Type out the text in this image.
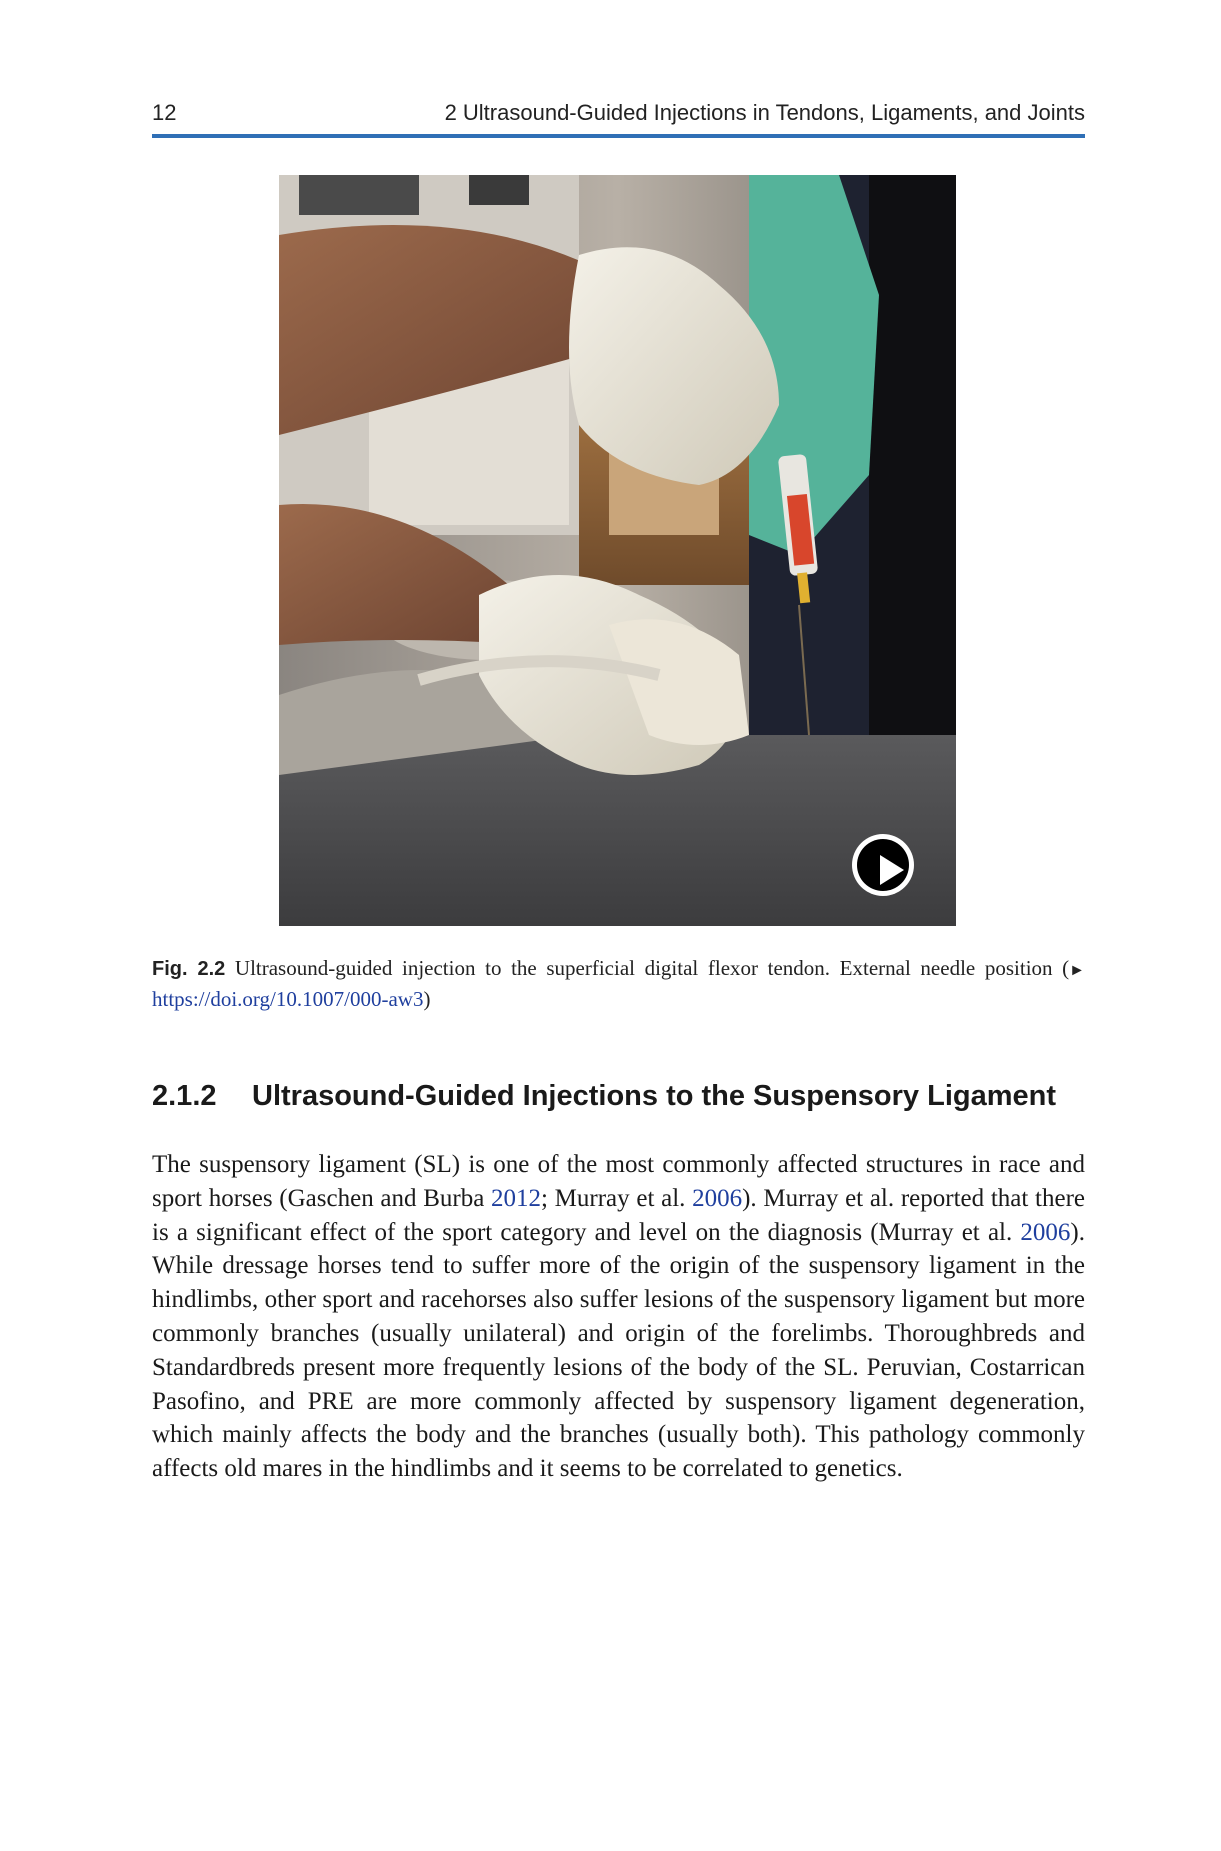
12	2 Ultrasound-Guided Injections in Tendons, Ligaments, and Joints
Fig. 2.2 Ultrasound-guided injection to the superficial digital flexor tendon. External needle position (► https://doi.org/10.1007/000-aw3)
2.1.2 Ultrasound-Guided Injections to the Suspensory Ligament
The suspensory ligament (SL) is one of the most commonly affected structures in race and sport horses (Gaschen and Burba 2012; Murray et al. 2006). Murray et al. reported that there is a significant effect of the sport category and level on the diagnosis (Murray et al. 2006). While dressage horses tend to suffer more of the origin of the suspensory ligament in the hindlimbs, other sport and racehorses also suffer lesions of the suspensory ligament but more commonly branches (usually unilateral) and origin of the forelimbs. Thoroughbreds and Standardbreds present more frequently lesions of the body of the SL. Peruvian, Costarrican Pasofino, and PRE are more commonly affected by suspensory ligament degeneration, which mainly affects the body and the branches (usually both). This pathology commonly affects old mares in the hindlimbs and it seems to be correlated to genetics.
